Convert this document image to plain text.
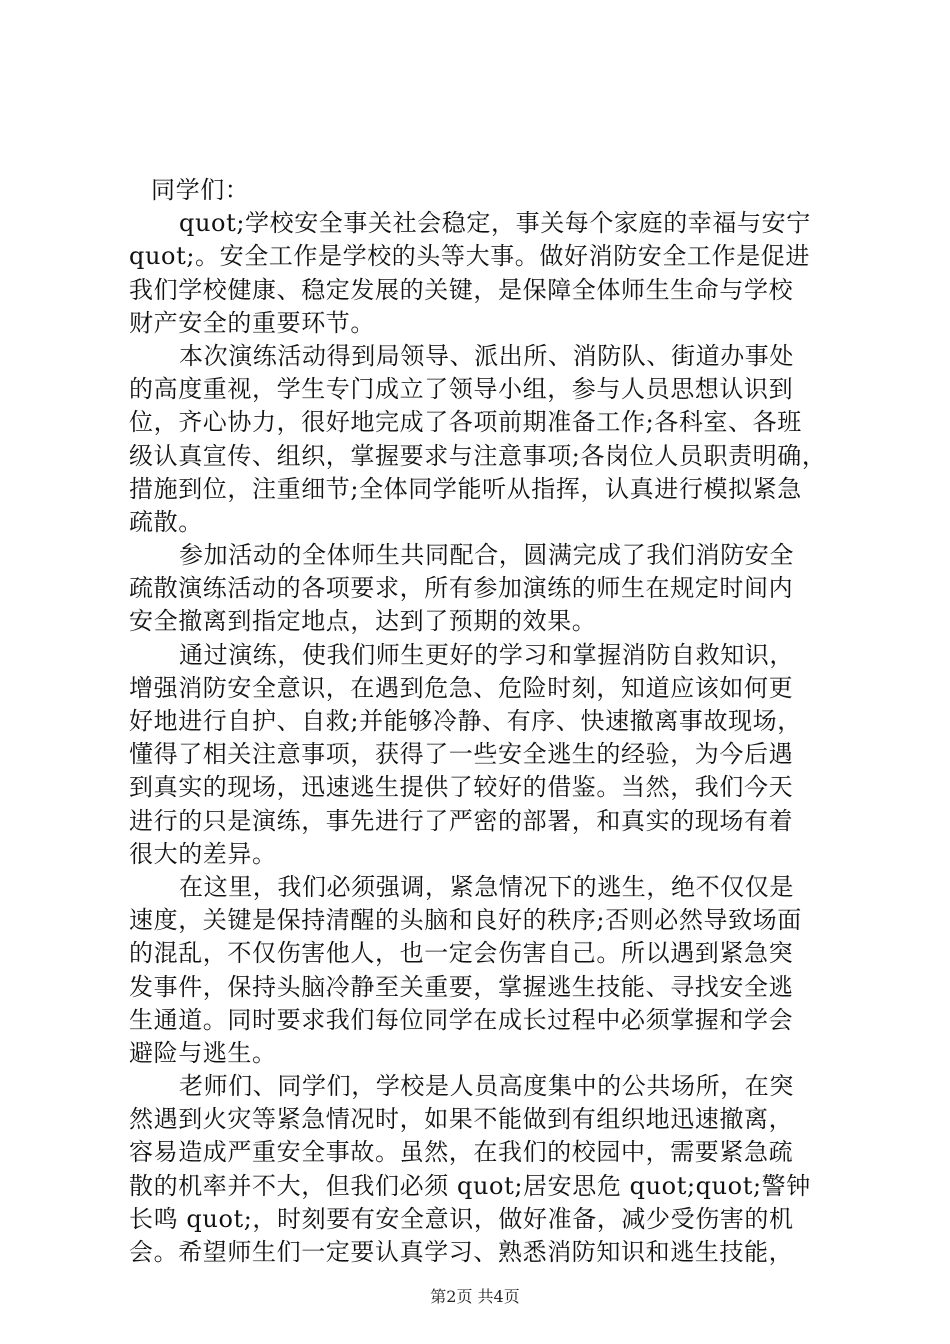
同学们：
quot;学校安全事关社会稳定，事关每个家庭的幸福与安宁
quot;。安全工作是学校的头等大事。做好消防安全工作是促进
我们学校健康、稳定发展的关键，是保障全体师生生命与学校
财产安全的重要环节。
本次演练活动得到局领导、派出所、消防队、街道办事处
的高度重视，学生专门成立了领导小组，参与人员思想认识到
位，齐心协力，很好地完成了各项前期准备工作;各科室、各班
级认真宣传、组织，掌握要求与注意事项;各岗位人员职责明确，
措施到位，注重细节;全体同学能听从指挥，认真进行模拟紧急
疏散。
参加活动的全体师生共同配合，圆满完成了我们消防安全
疏散演练活动的各项要求，所有参加演练的师生在规定时间内
安全撤离到指定地点，达到了预期的效果。
通过演练，使我们师生更好的学习和掌握消防自救知识，
增强消防安全意识，在遇到危急、危险时刻，知道应该如何更
好地进行自护、自救;并能够冷静、有序、快速撤离事故现场，
懂得了相关注意事项，获得了一些安全逃生的经验，为今后遇
到真实的现场，迅速逃生提供了较好的借鉴。当然，我们今天
进行的只是演练，事先进行了严密的部署，和真实的现场有着
很大的差异。
在这里，我们必须强调，紧急情况下的逃生，绝不仅仅是
速度，关键是保持清醒的头脑和良好的秩序;否则必然导致场面
的混乱，不仅伤害他人，也一定会伤害自己。所以遇到紧急突
发事件，保持头脑冷静至关重要，掌握逃生技能、寻找安全逃
生通道。同时要求我们每位同学在成长过程中必须掌握和学会
避险与逃生。
老师们、同学们，学校是人员高度集中的公共场所，在突
然遇到火灾等紧急情况时，如果不能做到有组织地迅速撤离，
容易造成严重安全事故。虽然，在我们的校园中，需要紧急疏
散的机率并不大，但我们必须 quot;居安思危 quot;quot;警钟
长鸣 quot;，时刻要有安全意识，做好准备，减少受伤害的机
会。希望师生们一定要认真学习、熟悉消防知识和逃生技能，
第2页 共4页
